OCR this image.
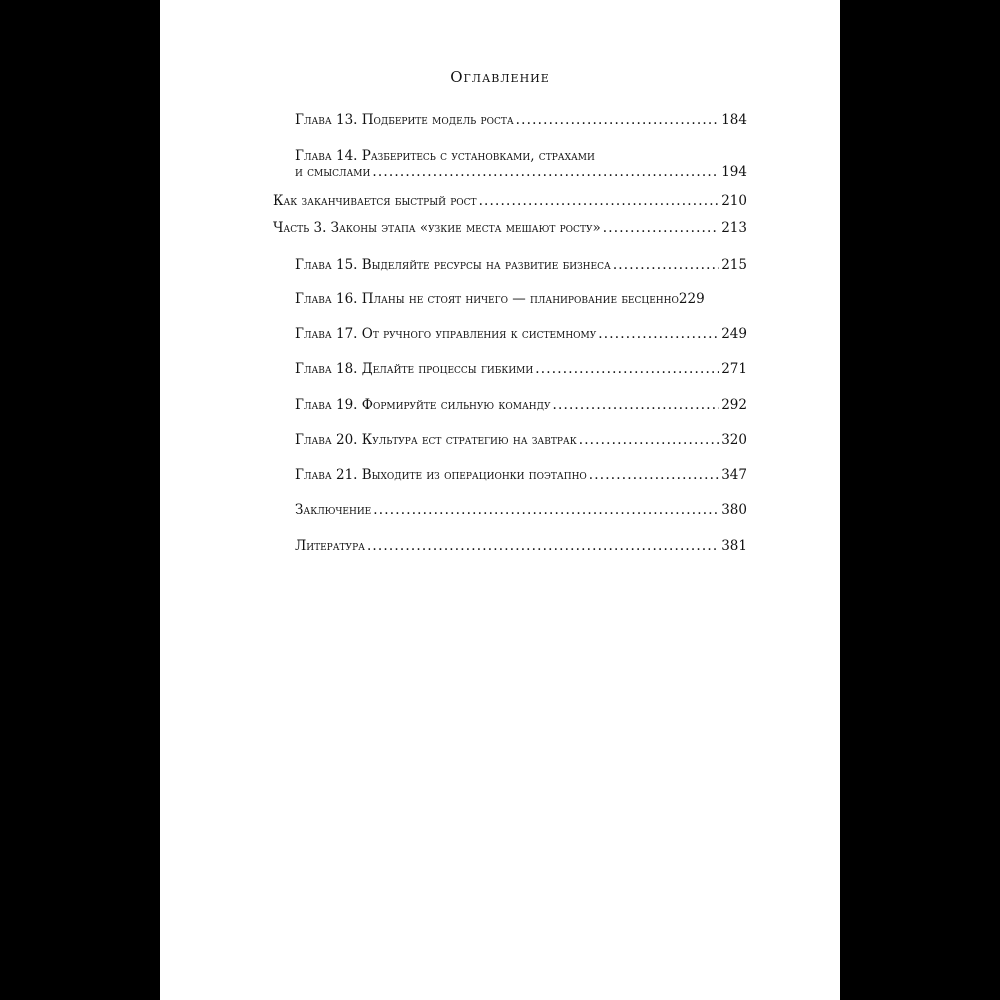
Оглавление
Глава 13. Подберите модель роста .....	184
Глава 14. Разберитесь с установками, страхами
и смыслами .....	194
Как заканчивается быстрый рост .....	210
Часть 3. Законы этапа «узкие места мешают росту» .....	213
Глава 15. Выделяйте ресурсы на развитие бизнеса .....	215
Глава 16. Планы не стоят ничего — планирование бесценно 229
Глава 17. От ручного управления к системному .....	249
Глава 18. Делайте процессы гибкими .....	271
Глава 19. Формируйте сильную команду .....	292
Глава 20. Культура ест стратегию на завтрак .....	320
Глава 21. Выходите из операционки поэтапно .....	347
Заключение .....	380
Литература .....	381
